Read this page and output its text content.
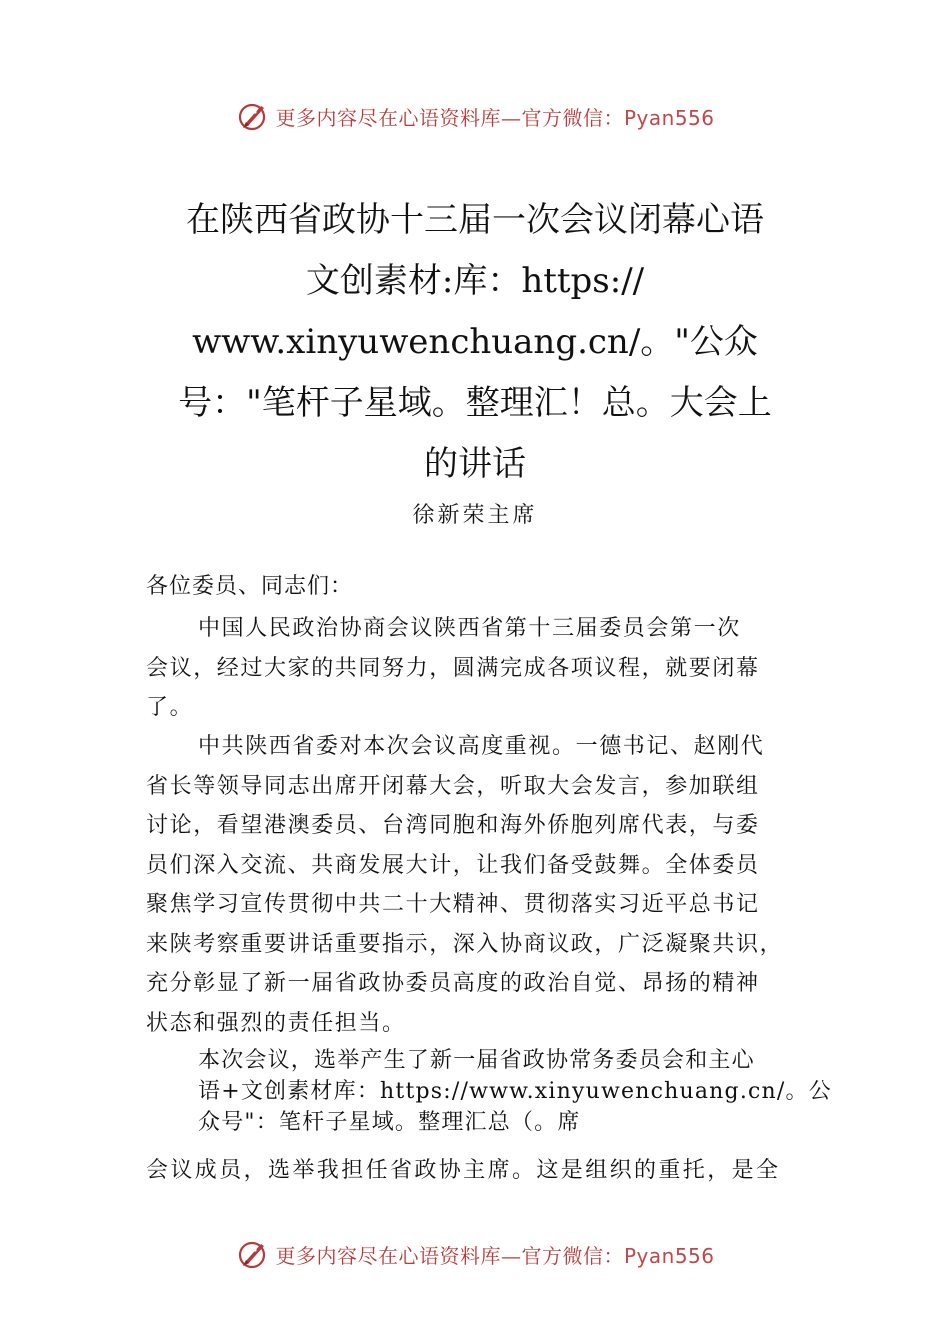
更多内容尽在心语资料库—官方微信：Pyan556
在陕西省政协十三届一次会议闭幕心语
文创素材:库：https://
www.xinyuwenchuang.cn/。"公众
号："笔杆子星域。整理汇！总。大会上
的讲话
徐新荣主席
各位委员、同志们：
中国人民政治协商会议陕西省第十三届委员会第一次
会议，经过大家的共同努力，圆满完成各项议程，就要闭幕
了。
中共陕西省委对本次会议高度重视。一德书记、赵刚代
省长等领导同志出席开闭幕大会，听取大会发言，参加联组
讨论，看望港澳委员、台湾同胞和海外侨胞列席代表，与委
员们深入交流、共商发展大计，让我们备受鼓舞。全体委员
聚焦学习宣传贯彻中共二十大精神、贯彻落实习近平总书记
来陕考察重要讲话重要指示，深入协商议政，广泛凝聚共识，
充分彰显了新一届省政协委员高度的政治自觉、昂扬的精神
状态和强烈的责任担当。
本次会议，选举产生了新一届省政协常务委员会和主心
语+文创素材库：https://www.xinyuwenchuang.cn/。公
众号"：笔杆子星域。整理汇总（。席
会议成员，选举我担任省政协主席。这是组织的重托，是全
更多内容尽在心语资料库—官方微信：Pyan556
